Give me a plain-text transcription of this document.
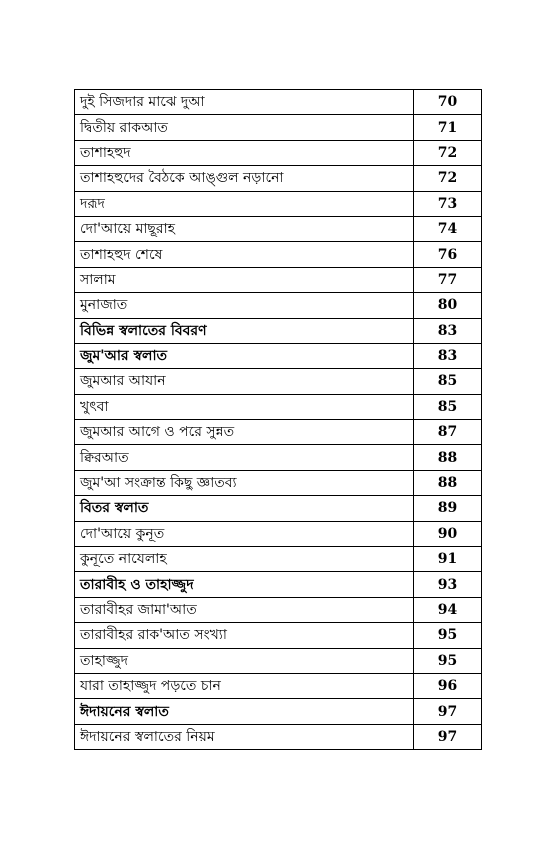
দুই সিজদার মাঝে দুআ	70
দ্বিতীয় রাকআত	71
তাশাহহুদ	72
তাশাহহুদের বৈঠকে আঙ্গুল নড়ানো	72
দরূদ	73
দো'আয়ে মাছূরাহ	74
তাশাহহুদ শেষে	76
সালাম	77
মুনাজাত	80
বিভিন্ন স্বলাতের বিবরণ	83
জুম'আর স্বলাত	83
জুমআর আযান	85
খুৎবা	85
জুমআর আগে ও পরে সুন্নত	87
ক্বিরআত	88
জুম'আ সংক্রান্ত কিছু জ্ঞাতব্য	88
বিতর স্বলাত	89
দো'আয়ে কুনূত	90
কুনূতে নাযেলাহ	91
তারাবীহ ও তাহাজ্জুদ	93
তারাবীহর জামা'আত	94
তারাবীহর রাক'আত সংখ্যা	95
তাহাজ্জুদ	95
যারা তাহাজ্জুদ পড়তে চান	96
ঈদায়নের স্বলাত	97
ঈদায়নের স্বলাতের নিয়ম	97
